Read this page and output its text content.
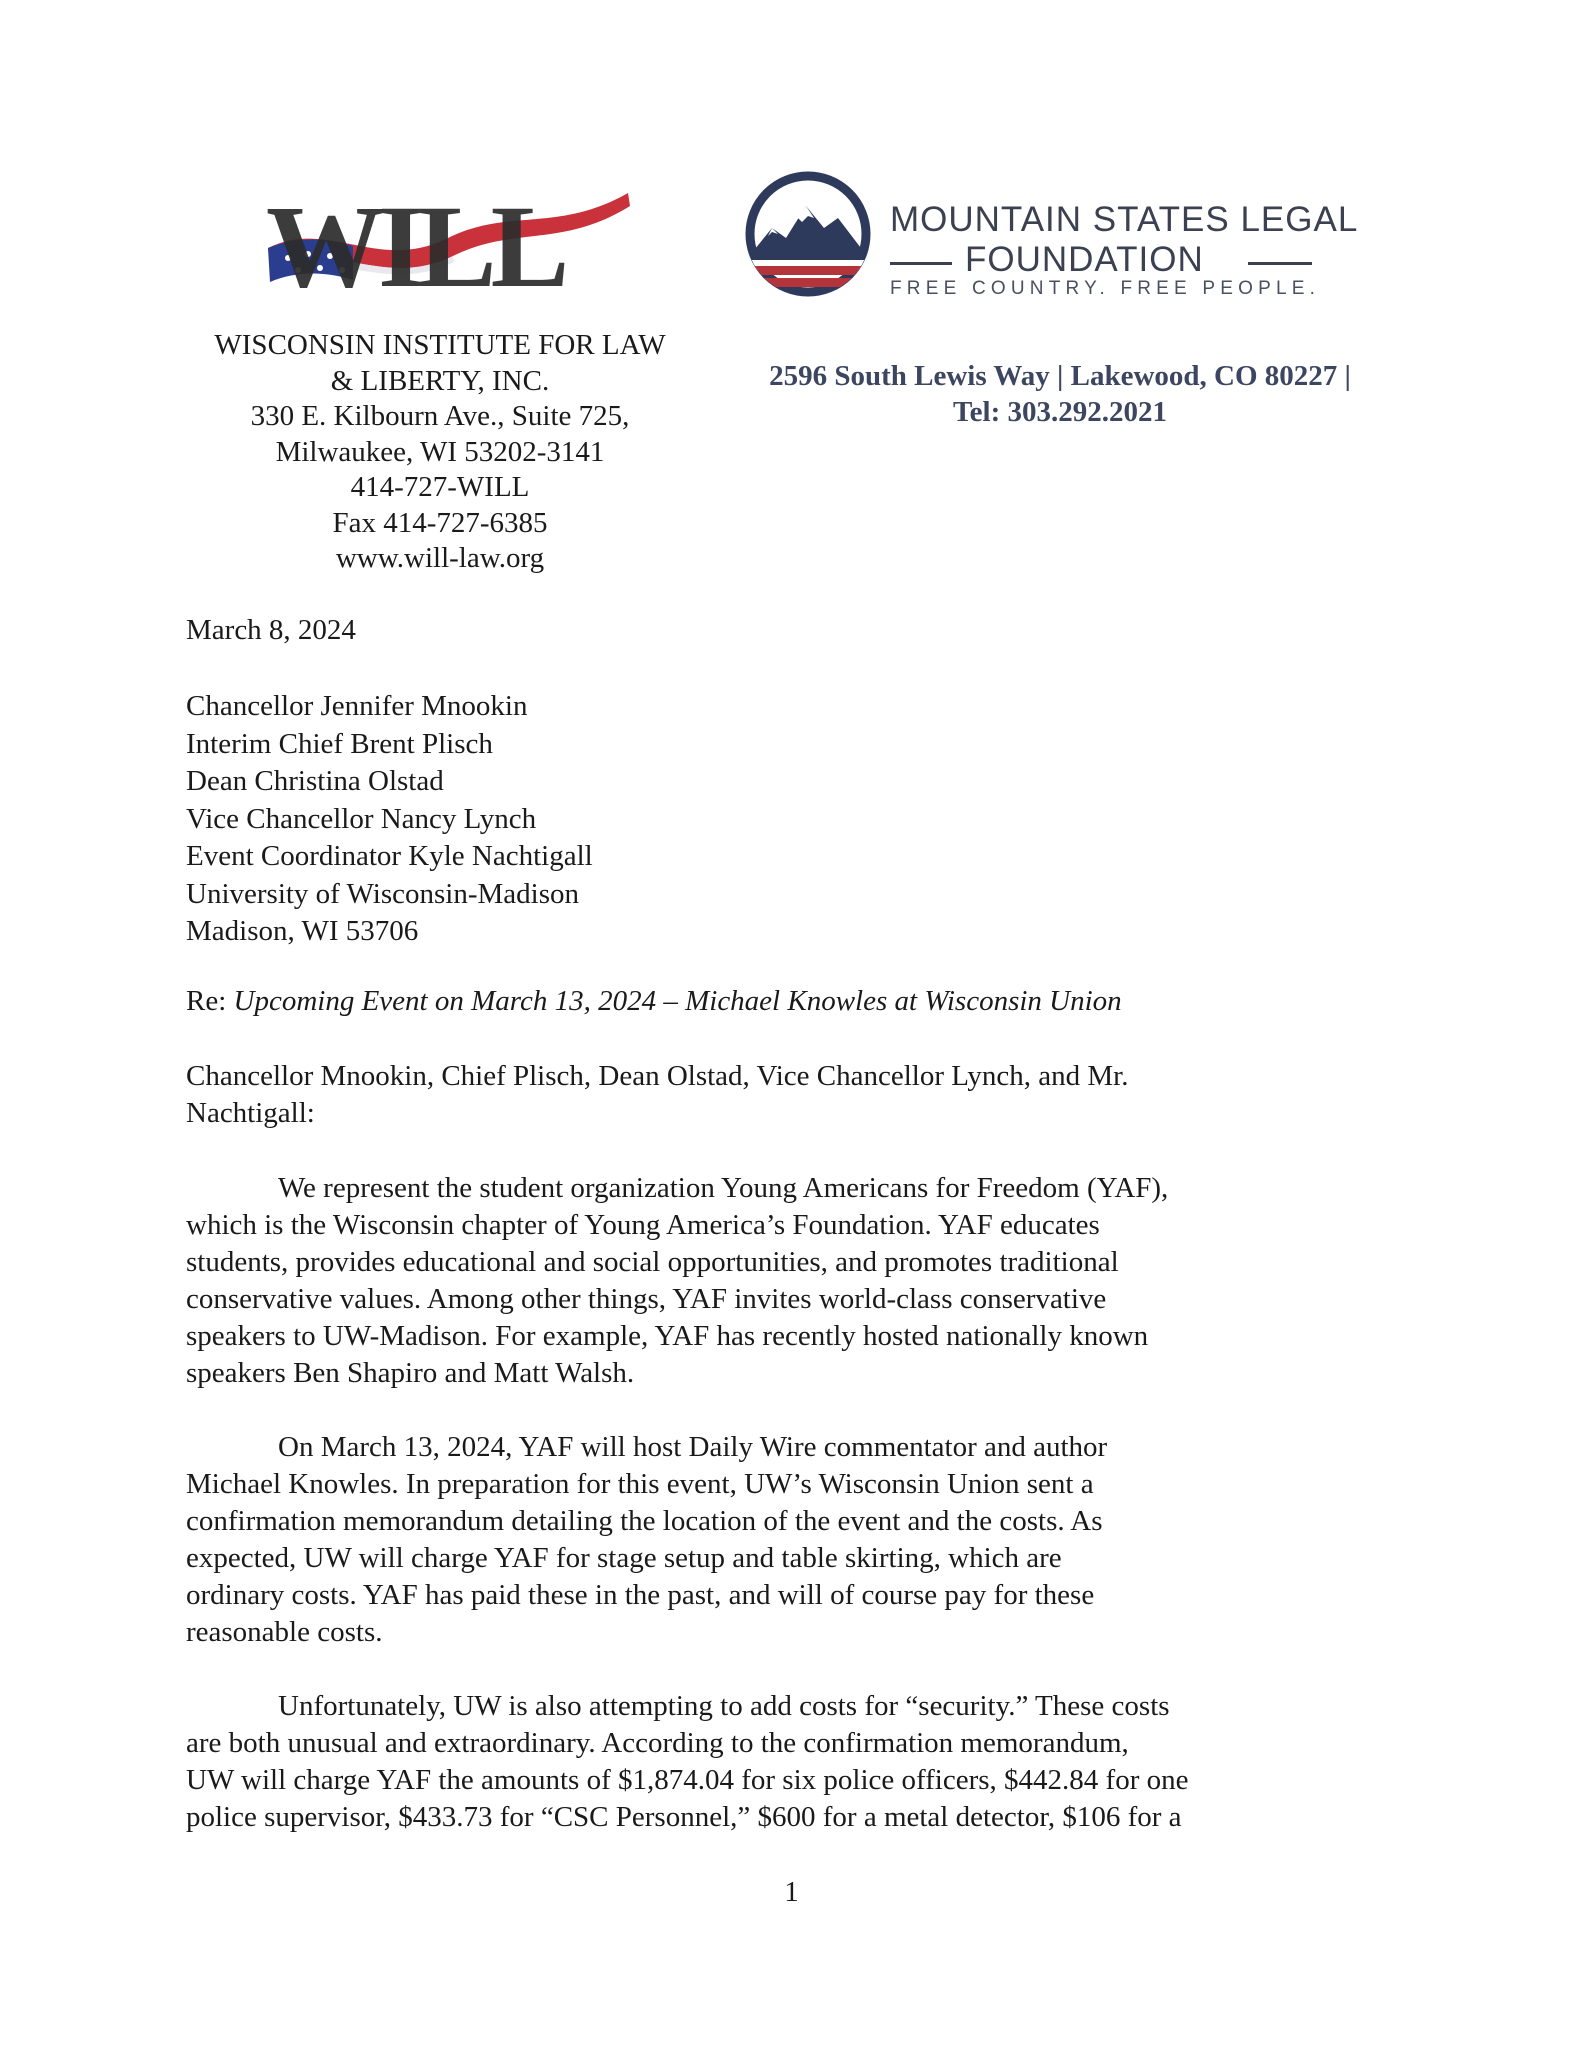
WILL
WISCONSIN INSTITUTE FOR LAW
& LIBERTY, INC.
330 E. Kilbourn Ave., Suite 725,
Milwaukee, WI 53202-3141
414-727-WILL
Fax 414-727-6385
www.will-law.org
MOUNTAIN STATES LEGAL
FOUNDATION
FREE COUNTRY. FREE PEOPLE.
2596 South Lewis Way | Lakewood, CO 80227 |
Tel: 303.292.2021
March 8, 2024
Chancellor Jennifer Mnookin
Interim Chief Brent Plisch
Dean Christina Olstad
Vice Chancellor Nancy Lynch
Event Coordinator Kyle Nachtigall
University of Wisconsin-Madison
Madison, WI 53706
Re: Upcoming Event on March 13, 2024 – Michael Knowles at Wisconsin Union
Chancellor Mnookin, Chief Plisch, Dean Olstad, Vice Chancellor Lynch, and Mr.
Nachtigall:

We represent the student organization Young Americans for Freedom (YAF),

which is the Wisconsin chapter of Young America’s Foundation. YAF educates

students, provides educational and social opportunities, and promotes traditional

conservative values. Among other things, YAF invites world-class conservative

speakers to UW-Madison. For example, YAF has recently hosted nationally known

speakers Ben Shapiro and Matt Walsh.

On March 13, 2024, YAF will host Daily Wire commentator and author

Michael Knowles. In preparation for this event, UW’s Wisconsin Union sent a

confirmation memorandum detailing the location of the event and the costs. As

expected, UW will charge YAF for stage setup and table skirting, which are

ordinary costs. YAF has paid these in the past, and will of course pay for these

reasonable costs.

Unfortunately, UW is also attempting to add costs for “security.” These costs

are both unusual and extraordinary. According to the confirmation memorandum,

UW will charge YAF the amounts of $1,874.04 for six police officers, $442.84 for one

police supervisor, $433.73 for “CSC Personnel,” $600 for a metal detector, $106 for a

1
